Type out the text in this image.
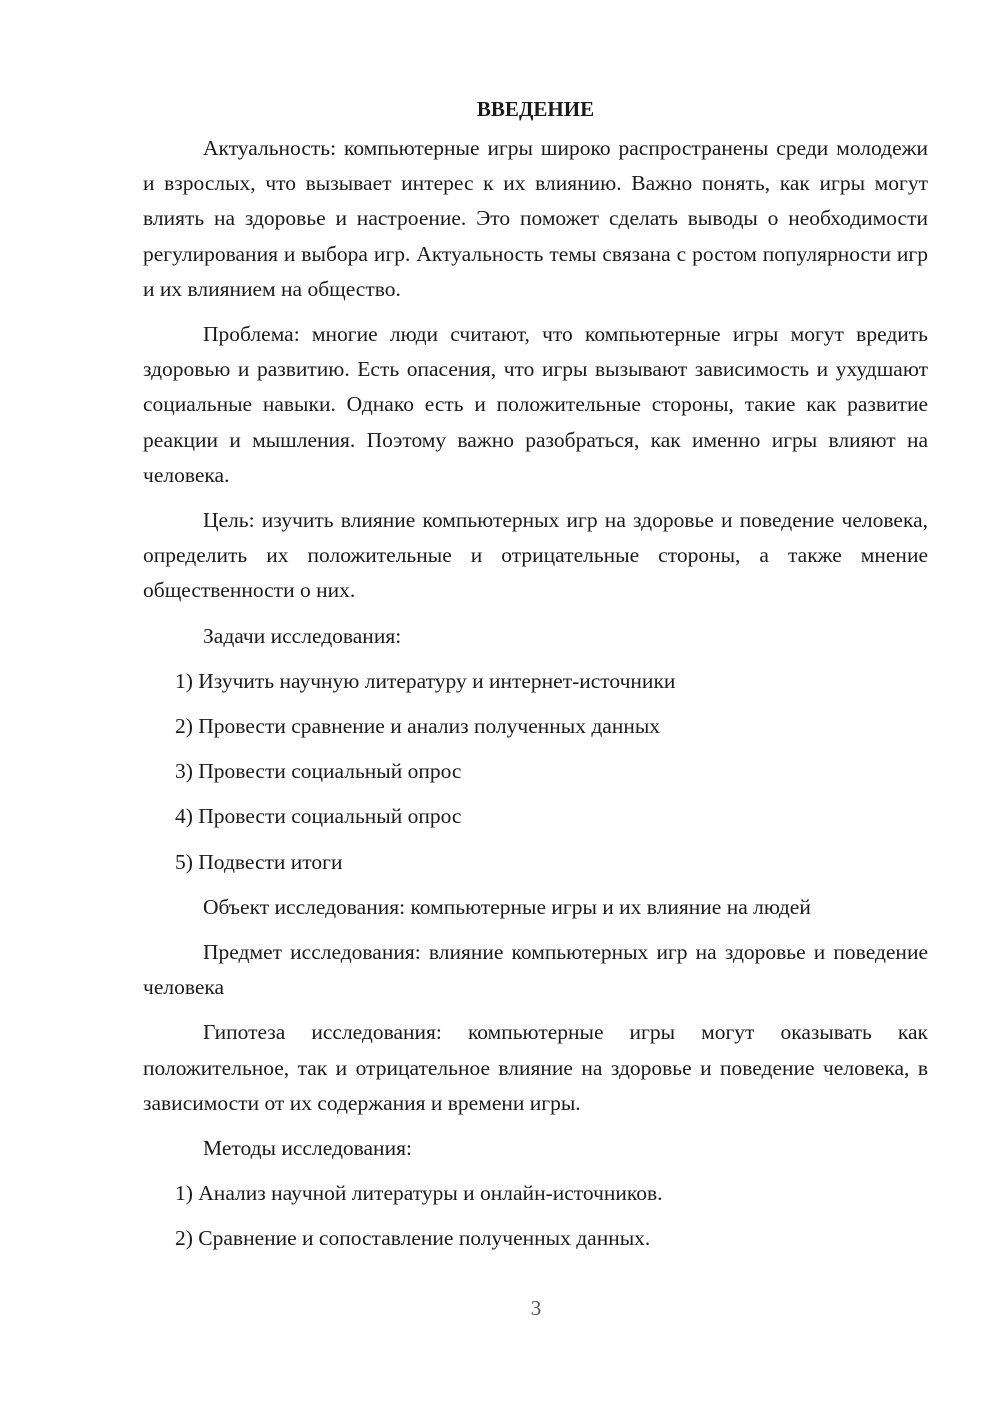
ВВЕДЕНИЕ

Актуальность: компьютерные игры широко распространены среди молодежи и взрослых, что вызывает интерес к их влиянию. Важно понять, как игры могут влиять на здоровье и настроение. Это поможет сделать выводы о необходимости регулирования и выбора игр. Актуальность темы связана с ростом популярности игр и их влиянием на общество.

Проблема: многие люди считают, что компьютерные игры могут вредить здоровью и развитию. Есть опасения, что игры вызывают зависимость и ухудшают социальные навыки. Однако есть и положительные стороны, такие как развитие реакции и мышления. Поэтому важно разобраться, как именно игры влияют на человека.

Цель: изучить влияние компьютерных игр на здоровье и поведение человека, определить их положительные и отрицательные стороны, а также мнение общественности о них.

Задачи исследования:

1) Изучить научную литературу и интернет-источники
2) Провести сравнение и анализ полученных данных
3) Провести социальный опрос
4) Провести социальный опрос
5) Подвести итоги

Объект исследования: компьютерные игры и их влияние на людей

Предмет исследования: влияние компьютерных игр на здоровье и поведение человека

Гипотеза исследования: компьютерные игры могут оказывать как положительное, так и отрицательное влияние на здоровье и поведение человека, в зависимости от их содержания и времени игры.

Методы исследования:

1) Анализ научной литературы и онлайн-источников.
2) Сравнение и сопоставление полученных данных.
3
